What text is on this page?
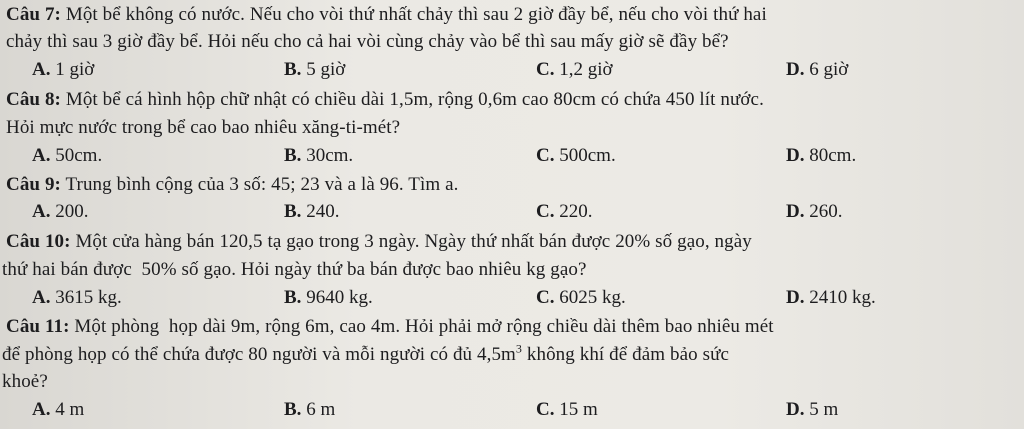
Câu 7: Một bể không có nước. Nếu cho vòi thứ nhất chảy thì sau 2 giờ đầy bể, nếu cho vòi thứ hai
chảy thì sau 3 giờ đầy bể. Hỏi nếu cho cả hai vòi cùng chảy vào bể thì sau mấy giờ sẽ đầy bể?
A. 1 giờ	B. 5 giờ	C. 1,2 giờ	D. 6 giờ
Câu 8: Một bể cá hình hộp chữ nhật có chiều dài 1,5m, rộng 0,6m cao 80cm có chứa 450 lít nước.
Hỏi mực nước trong bể cao bao nhiêu xăng-ti-mét?
A. 50cm.	B. 30cm.	C. 500cm.	D. 80cm.
Câu 9: Trung bình cộng của 3 số: 45; 23 và a là 96. Tìm a.
A. 200.	B. 240.	C. 220.	D. 260.
Câu 10: Một cửa hàng bán 120,5 tạ gạo trong 3 ngày. Ngày thứ nhất bán được 20% số gạo, ngày
thứ hai bán được  50% số gạo. Hỏi ngày thứ ba bán được bao nhiêu kg gạo?
A. 3615 kg.	B. 9640 kg.	C. 6025 kg.	D. 2410 kg.
Câu 11: Một phòng  họp dài 9m, rộng 6m, cao 4m. Hỏi phải mở rộng chiều dài thêm bao nhiêu mét
để phòng họp có thể chứa được 80 người và mỗi người có đủ $4,5m^3$ không khí để đảm bảo sức
khoẻ?
A. 4 m	B. 6 m	C. 15 m	D. 5 m
